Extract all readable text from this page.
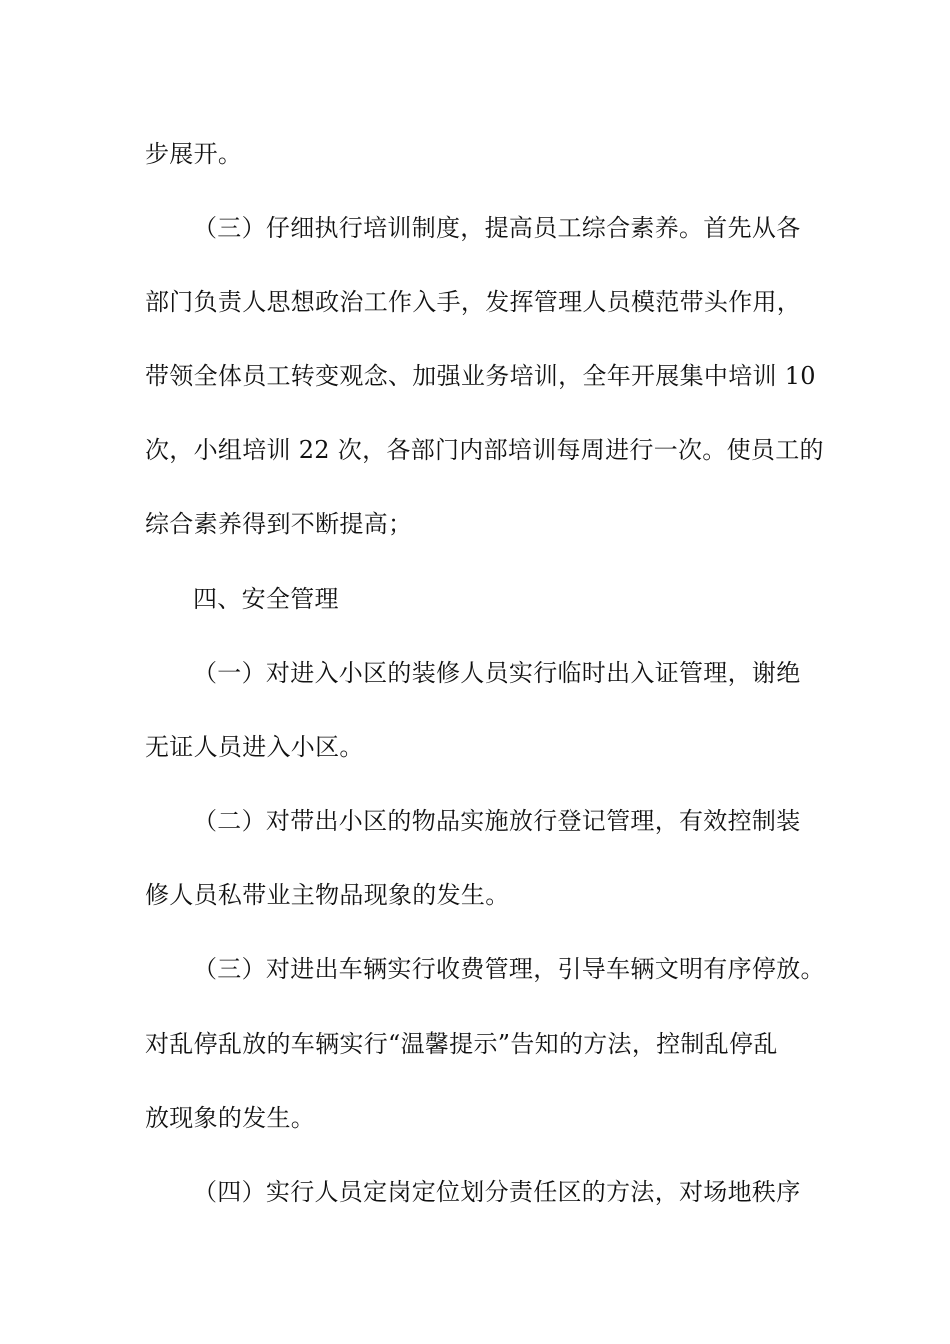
步展开。
（三）仔细执行培训制度，提高员工综合素养。首先从各
部门负责人思想政治工作入手，发挥管理人员模范带头作用，
带领全体员工转变观念、加强业务培训，全年开展集中培训 10
次，小组培训 22 次，各部门内部培训每周进行一次。使员工的
综合素养得到不断提高；
四、安全管理
（一）对进入小区的装修人员实行临时出入证管理，谢绝
无证人员进入小区。
（二）对带出小区的物品实施放行登记管理，有效控制装
修人员私带业主物品现象的发生。
（三）对进出车辆实行收费管理，引导车辆文明有序停放。
对乱停乱放的车辆实行“温馨提示”告知的方法，控制乱停乱
放现象的发生。
（四）实行人员定岗定位划分责任区的方法，对场地秩序
